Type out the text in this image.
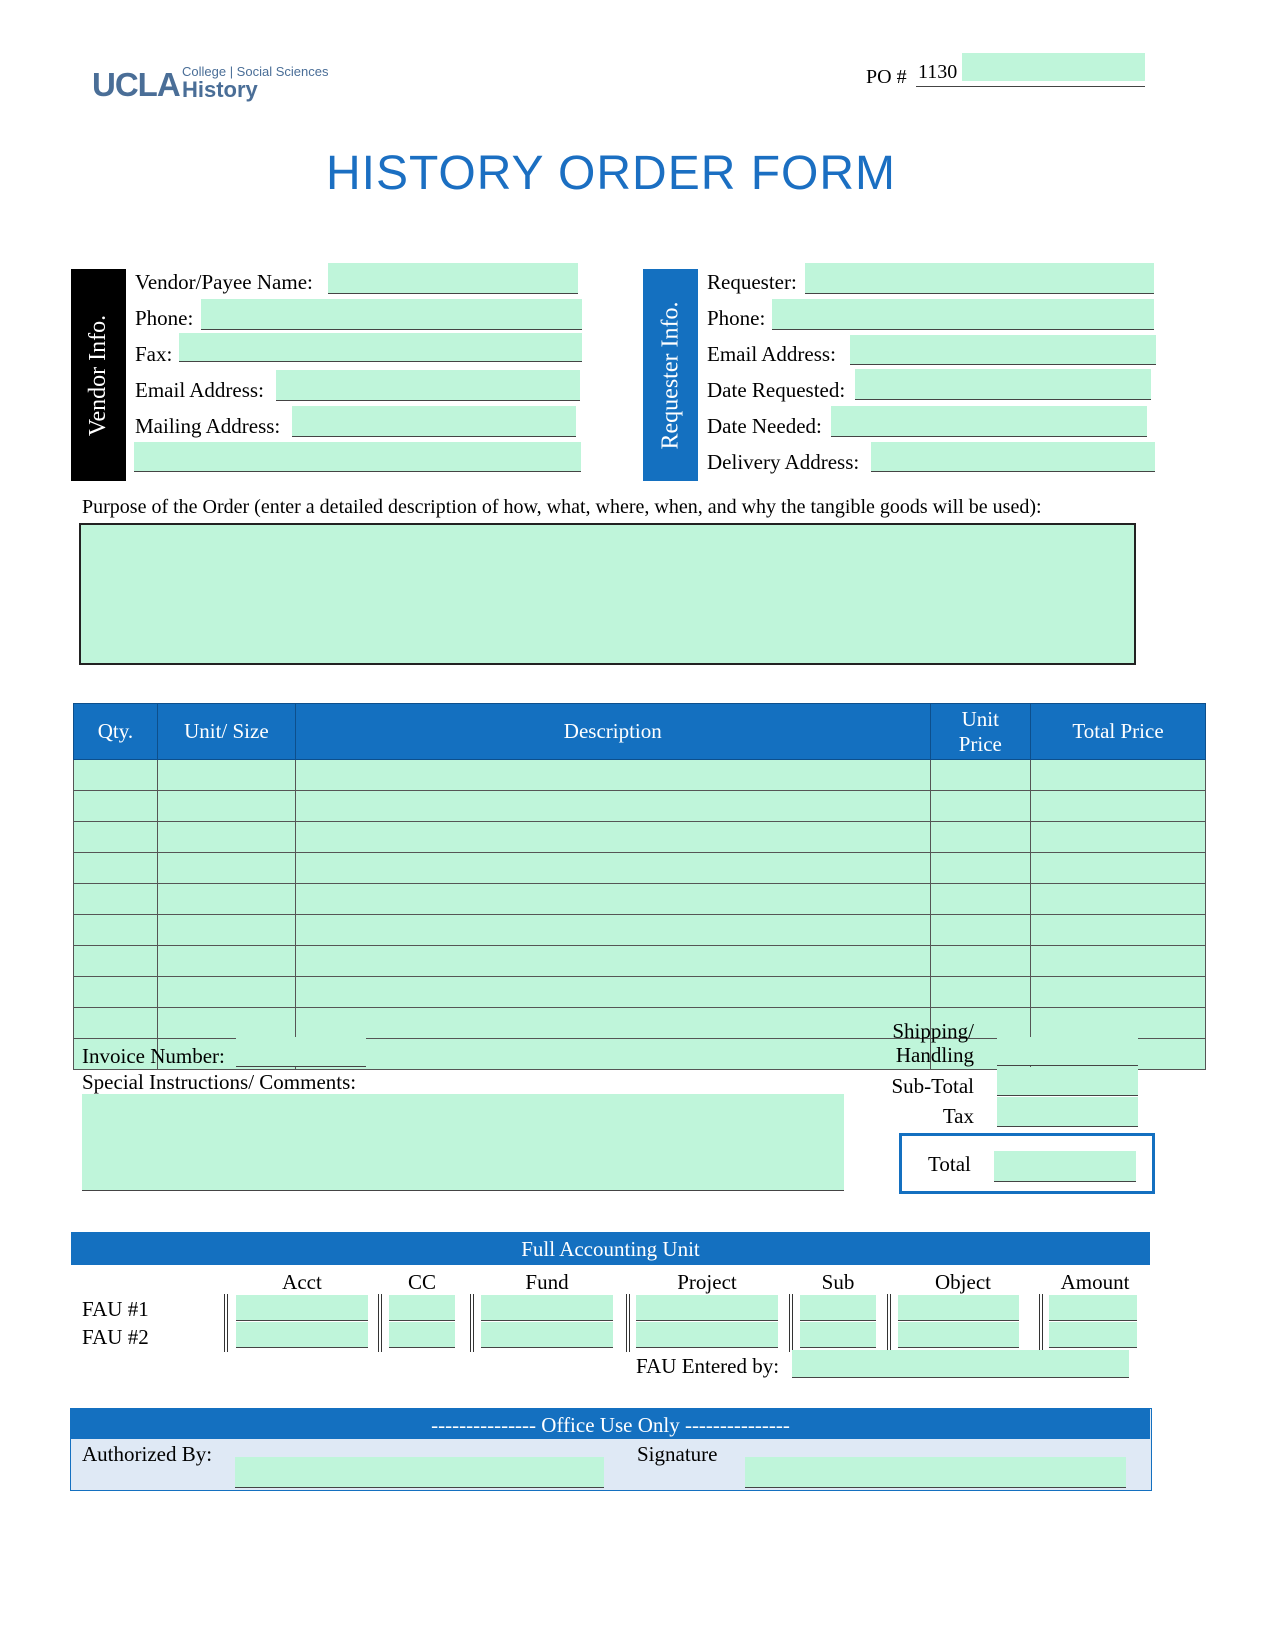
UCLA College | Social Sciences
History	PO # 1130
HISTORY ORDER FORM
Vendor Info.
Vendor/Payee Name:
Phone:
Fax:
Email Address:
Mailing Address:	Requester Info.
Requester:
Phone:
Email Address:
Date Requested:
Date Needed:
Delivery Address:
Purpose of the Order (enter a detailed description of how, what, where, when, and why the tangible goods will be used):
Qty.	Unit/ Size	Description	Unit Price	Total Price

Invoice Number:
Special Instructions/ Comments:
Shipping/ Handling
Sub-Total
Tax
Total
Full Accounting Unit
Acct	CC	Fund	Project	Sub	Object	Amount
FAU #1
FAU #2
FAU Entered by:
--------------- Office Use Only ---------------
Authorized By:	Signature
